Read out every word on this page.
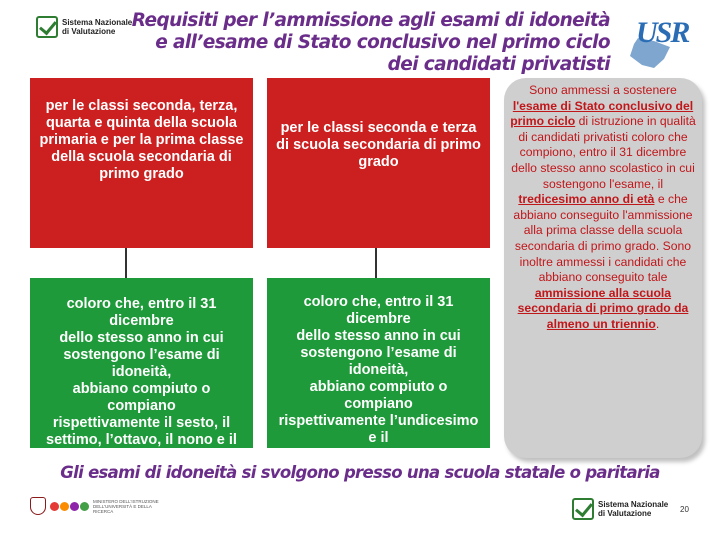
Sistema Nazionale
di Valutazione
Requisiti per l’ammissione agli esami di idoneità
e all’esame di Stato conclusivo nel primo ciclo dei candidati privatisti
USR
per le classi seconda, terza,
quarta e quinta della scuola
primaria e per la prima classe
della scuola secondaria di
primo grado
coloro che, entro il 31 dicembre
dello stesso anno in cui
sostengono l’esame di idoneità,
abbiano compiuto o compiano
rispettivamente il sesto, il
settimo, l’ottavo, il nono e il
decimo anno di età.
per le classi seconda e terza
di scuola secondaria di primo
grado
coloro che, entro il 31 dicembre
dello stesso anno in cui
sostengono l’esame di idoneità,
abbiano compiuto o compiano
rispettivamente l’undicesimo e il
dodicesimo anno di età.
Sono ammessi a sostenere l'esame di Stato conclusivo del primo ciclo di istruzione in qualità di candidati privatisti coloro che compiono, entro il 31 dicembre dello stesso anno scolastico in cui sostengono l'esame, il tredicesimo anno di età e che abbiano conseguito l'ammissione alla prima classe della scuola secondaria di primo grado. Sono inoltre ammessi i candidati che abbiano conseguito tale ammissione alla scuola secondaria di primo grado da almeno un triennio.
Gli esami di idoneità si svolgono presso una scuola statale o paritaria
MINISTERO DELL'ISTRUZIONE
DELL'UNIVERSITÀ E DELLA RICERCA
Sistema Nazionale
di Valutazione	20
